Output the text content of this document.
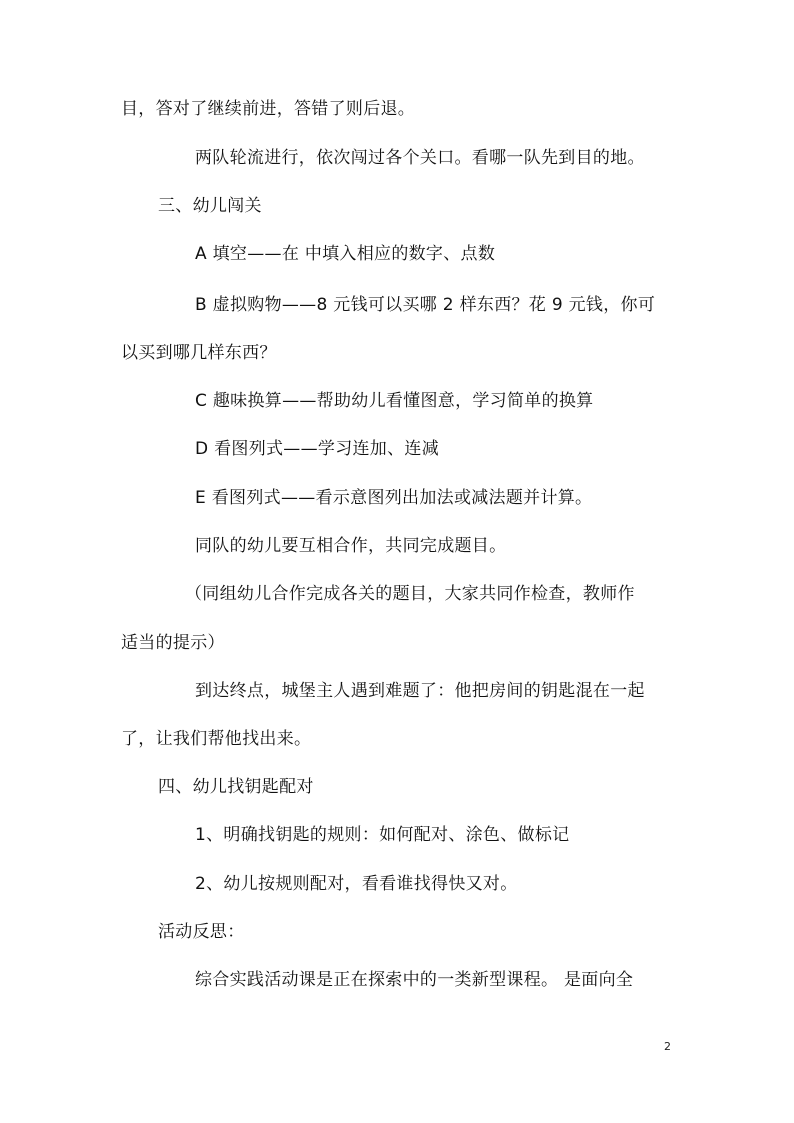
目，答对了继续前进，答错了则后退。
两队轮流进行，依次闯过各个关口。看哪一队先到目的地。
三、幼儿闯关
A 填空——在 中填入相应的数字、点数
B 虚拟购物——8 元钱可以买哪 2 样东西？花 9 元钱，你可
以买到哪几样东西？
C 趣味换算——帮助幼儿看懂图意，学习简单的换算
D 看图列式——学习连加、连减
E 看图列式——看示意图列出加法或减法题并计算。
同队的幼儿要互相合作，共同完成题目。
（同组幼儿合作完成各关的题目，大家共同作检查，教师作
适当的提示）
到达终点，城堡主人遇到难题了：他把房间的钥匙混在一起
了，让我们帮他找出来。
四、幼儿找钥匙配对
1、明确找钥匙的规则：如何配对、涂色、做标记
2、幼儿按规则配对，看看谁找得快又对。
活动反思：
综合实践活动课是正在探索中的一类新型课程。 是面向全
2
